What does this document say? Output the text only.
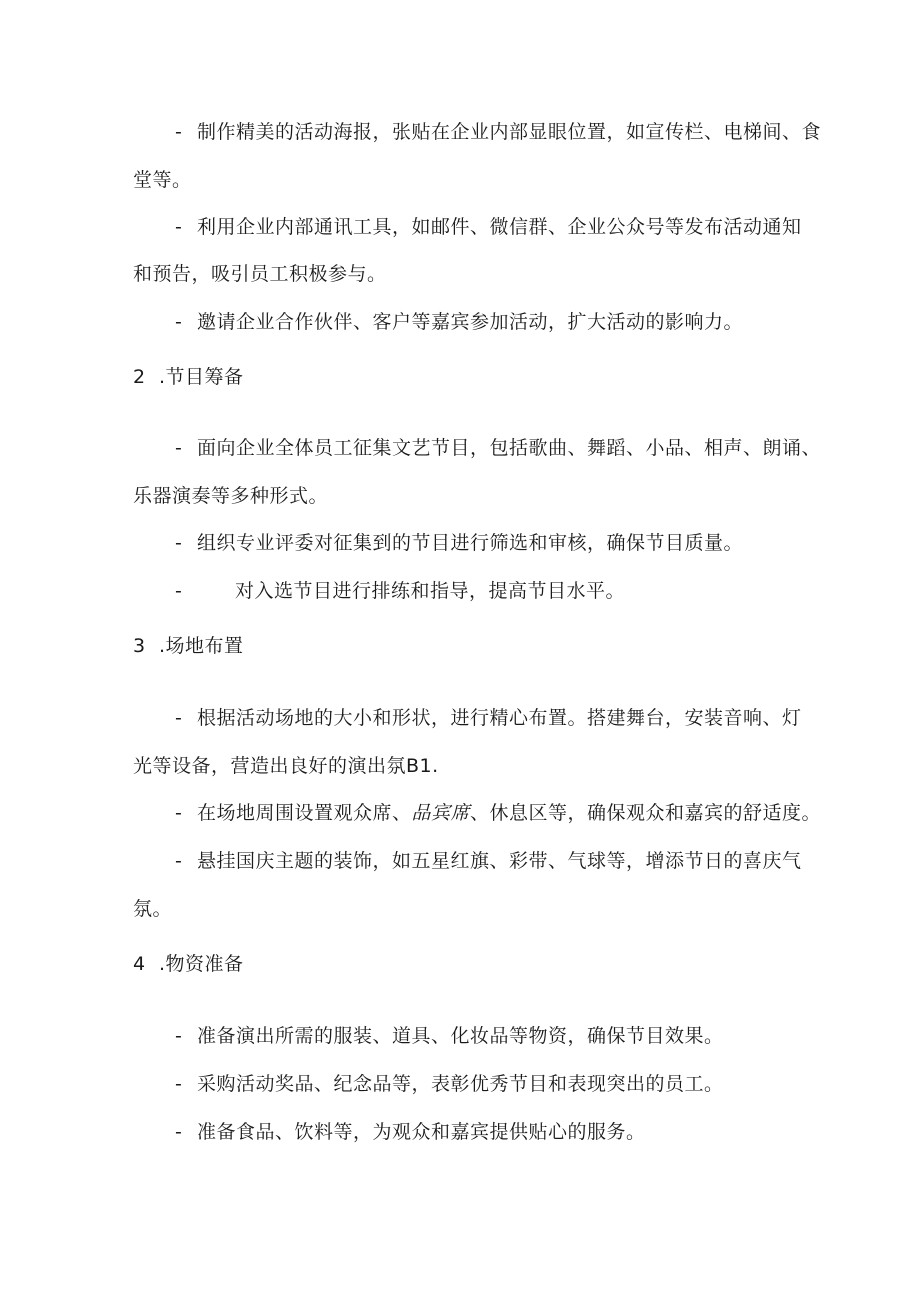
- 制作精美的活动海报，张贴在企业内部显眼位置，如宣传栏、电梯间、食

堂等。

- 利用企业内部通讯工具，如邮件、微信群、企业公众号等发布活动通知

和预告，吸引员工积极参与。

- 邀请企业合作伙伴、客户等嘉宾参加活动，扩大活动的影响力。

2 .节目筹备

- 面向企业全体员工征集文艺节目，包括歌曲、舞蹈、小品、相声、朗诵、

乐器演奏等多种形式。

- 组织专业评委对征集到的节目进行筛选和审核，确保节目质量。

-	对入选节目进行排练和指导，提高节目水平。

3 .场地布置

- 根据活动场地的大小和形状，进行精心布置。搭建舞台，安装音响、灯

光等设备，营造出良好的演出氛B1.

- 在场地周围设置观众席、品宾席、休息区等，确保观众和嘉宾的舒适度。

- 悬挂国庆主题的装饰，如五星红旗、彩带、气球等，增添节日的喜庆气

氛。

4 .物资准备

- 准备演出所需的服装、道具、化妆品等物资，确保节目效果。

- 采购活动奖品、纪念品等，表彰优秀节目和表现突出的员工。

- 准备食品、饮料等，为观众和嘉宾提供贴心的服务。
